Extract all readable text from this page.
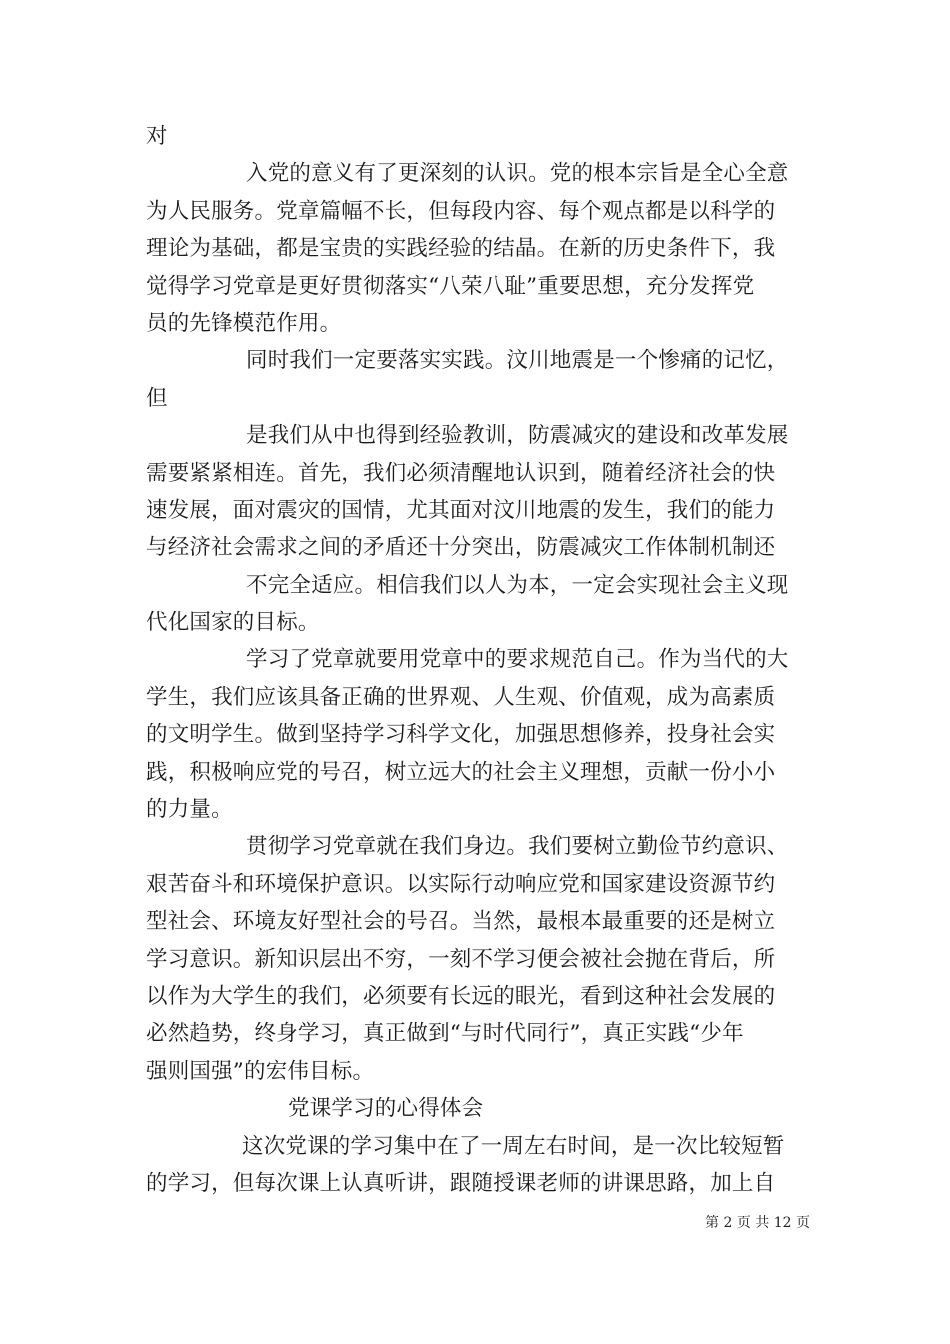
对
入党的意义有了更深刻的认识。党的根本宗旨是全心全意
为人民服务。党章篇幅不长，但每段内容、每个观点都是以科学的
理论为基础，都是宝贵的实践经验的结晶。在新的历史条件下，我
觉得学习党章是更好贯彻落实“八荣八耻”重要思想，充分发挥党
员的先锋模范作用。
同时我们一定要落实实践。汶川地震是一个惨痛的记忆，
但
是我们从中也得到经验教训，防震减灾的建设和改革发展
需要紧紧相连。首先，我们必须清醒地认识到，随着经济社会的快
速发展，面对震灾的国情，尤其面对汶川地震的发生，我们的能力
与经济社会需求之间的矛盾还十分突出，防震减灾工作体制机制还
不完全适应。相信我们以人为本，一定会实现社会主义现
代化国家的目标。
学习了党章就要用党章中的要求规范自己。作为当代的大
学生，我们应该具备正确的世界观、人生观、价值观，成为高素质
的文明学生。做到坚持学习科学文化，加强思想修养，投身社会实
践，积极响应党的号召，树立远大的社会主义理想，贡献一份小小
的力量。
贯彻学习党章就在我们身边。我们要树立勤俭节约意识、
艰苦奋斗和环境保护意识。以实际行动响应党和国家建设资源节约
型社会、环境友好型社会的号召。当然，最根本最重要的还是树立
学习意识。新知识层出不穷，一刻不学习便会被社会抛在背后，所
以作为大学生的我们，必须要有长远的眼光，看到这种社会发展的
必然趋势，终身学习，真正做到“与时代同行”，真正实践“少年
强则国强”的宏伟目标。
党课学习的心得体会
这次党课的学习集中在了一周左右时间，是一次比较短暂
的学习，但每次课上认真听讲，跟随授课老师的讲课思路，加上自
第 2 页 共 12 页
